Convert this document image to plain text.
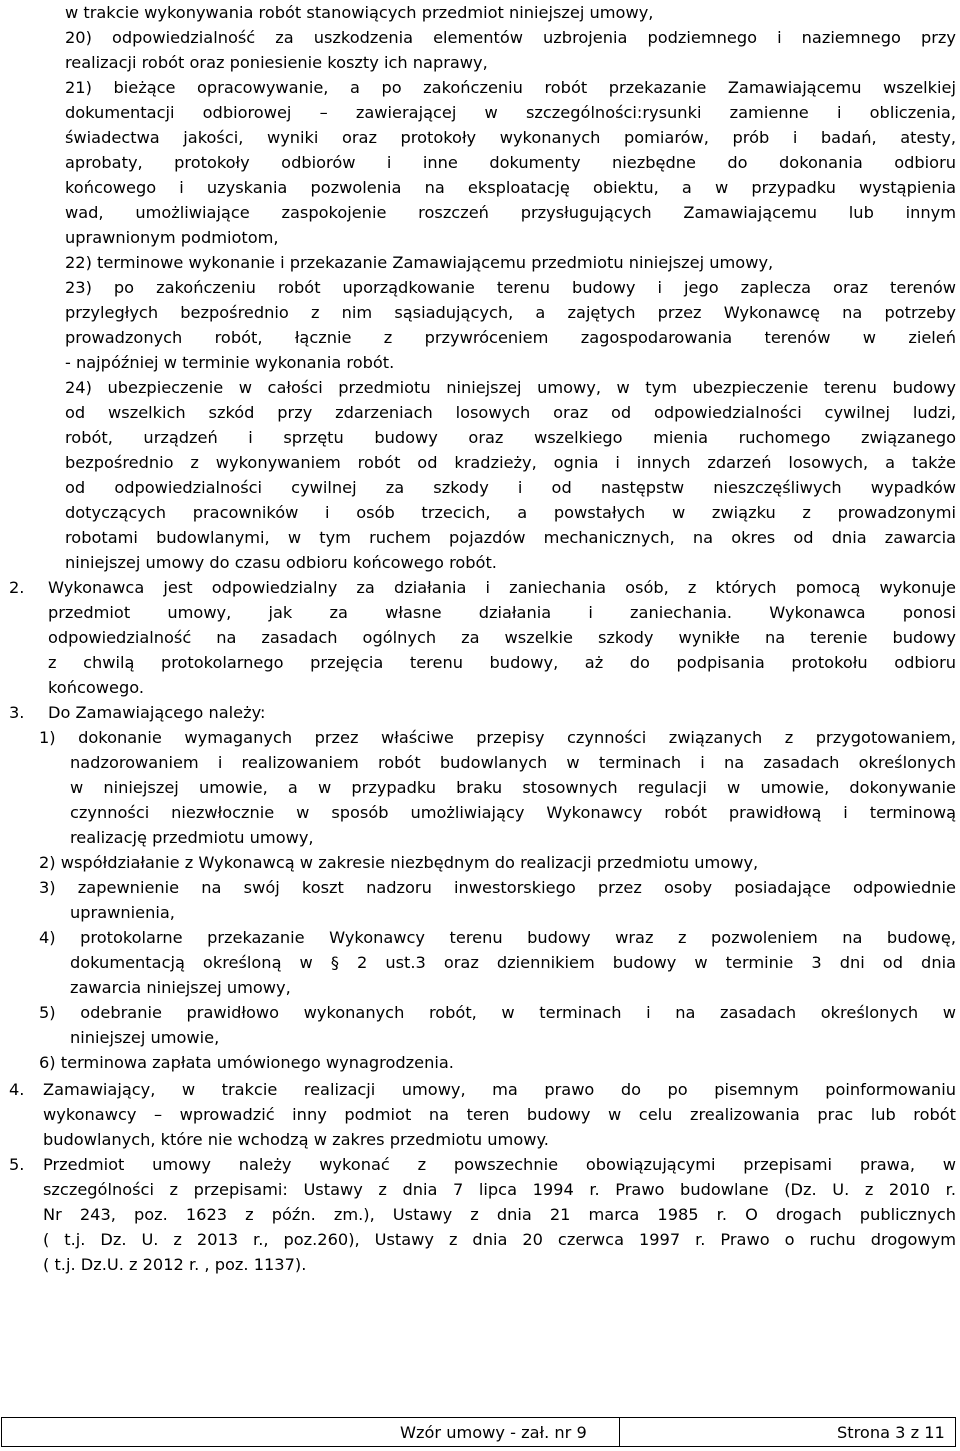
w trakcie wykonywania robót stanowiących przedmiot niniejszej umowy,
20) odpowiedzialność za uszkodzenia elementów uzbrojenia podziemnego i naziemnego przy
realizacji robót oraz poniesienie koszty ich naprawy,
21) bieżące opracowywanie, a po zakończeniu robót przekazanie Zamawiającemu wszelkiej
dokumentacji odbiorowej – zawierającej w szczególności:rysunki zamienne i obliczenia,
świadectwa jakości, wyniki oraz protokoły wykonanych pomiarów, prób i badań, atesty,
aprobaty, protokoły odbiorów i inne dokumenty niezbędne do dokonania odbioru
końcowego i uzyskania pozwolenia na eksploatację obiektu, a w przypadku wystąpienia
wad, umożliwiające zaspokojenie roszczeń przysługujących Zamawiającemu lub innym
uprawnionym podmiotom,
22) terminowe wykonanie i przekazanie Zamawiającemu przedmiotu niniejszej umowy,
23) po zakończeniu robót uporządkowanie terenu budowy i jego zaplecza oraz terenów
przyległych bezpośrednio z nim sąsiadujących, a zajętych przez Wykonawcę na potrzeby
prowadzonych robót, łącznie z przywróceniem zagospodarowania terenów w zieleń
- najpóźniej w terminie wykonania robót.
24) ubezpieczenie w całości przedmiotu niniejszej umowy, w tym ubezpieczenie terenu budowy
od wszelkich szkód przy zdarzeniach losowych oraz od odpowiedzialności cywilnej ludzi,
robót, urządzeń i sprzętu budowy oraz wszelkiego mienia ruchomego związanego
bezpośrednio z wykonywaniem robót od kradzieży, ognia i innych zdarzeń losowych, a także
od odpowiedzialności cywilnej za szkody i od następstw nieszczęśliwych wypadków
dotyczących pracowników i osób trzecich, a powstałych w związku z prowadzonymi
robotami budowlanymi, w tym ruchem pojazdów mechanicznych, na okres od dnia zawarcia
niniejszej umowy do czasu odbioru końcowego robót.
2. Wykonawca jest odpowiedzialny za działania i zaniechania osób, z których pomocą wykonuje
przedmiot umowy, jak za własne działania i zaniechania. Wykonawca ponosi
odpowiedzialność na zasadach ogólnych za wszelkie szkody wynikłe na terenie budowy
z chwilą protokolarnego przejęcia terenu budowy, aż do podpisania protokołu odbioru
końcowego.
3. Do Zamawiającego należy:
1) dokonanie wymaganych przez właściwe przepisy czynności związanych z przygotowaniem,
nadzorowaniem i realizowaniem robót budowlanych w terminach i na zasadach określonych
w niniejszej umowie, a w przypadku braku stosownych regulacji w umowie, dokonywanie
czynności niezwłocznie w sposób umożliwiający Wykonawcy robót prawidłową i terminową
realizację przedmiotu umowy,
2) współdziałanie z Wykonawcą w zakresie niezbędnym do realizacji przedmiotu umowy,
3) zapewnienie na swój koszt nadzoru inwestorskiego przez osoby posiadające odpowiednie
uprawnienia,
4) protokolarne przekazanie Wykonawcy terenu budowy wraz z pozwoleniem na budowę,
dokumentacją określoną w § 2 ust.3 oraz dziennikiem budowy w terminie 3 dni od dnia
zawarcia niniejszej umowy,
5) odebranie prawidłowo wykonanych robót, w terminach i na zasadach określonych w
niniejszej umowie,
6) terminowa zapłata umówionego wynagrodzenia.
4. Zamawiający, w trakcie realizacji umowy, ma prawo do po pisemnym poinformowaniu
wykonawcy – wprowadzić inny podmiot na teren budowy w celu zrealizowania prac lub robót
budowlanych, które nie wchodzą w zakres przedmiotu umowy.
5. Przedmiot umowy należy wykonać z powszechnie obowiązującymi przepisami prawa, w
szczególności z przepisami: Ustawy z dnia 7 lipca 1994 r. Prawo budowlane (Dz. U. z 2010 r.
Nr 243, poz. 1623 z późn. zm.), Ustawy z dnia 21 marca 1985 r. O drogach publicznych
( t.j. Dz. U. z 2013 r., poz.260), Ustawy z dnia 20 czerwca 1997 r. Prawo o ruchu drogowym
( t.j. Dz.U. z 2012 r. , poz. 1137).
Wzór umowy - zał. nr 9	Strona 3 z 11
